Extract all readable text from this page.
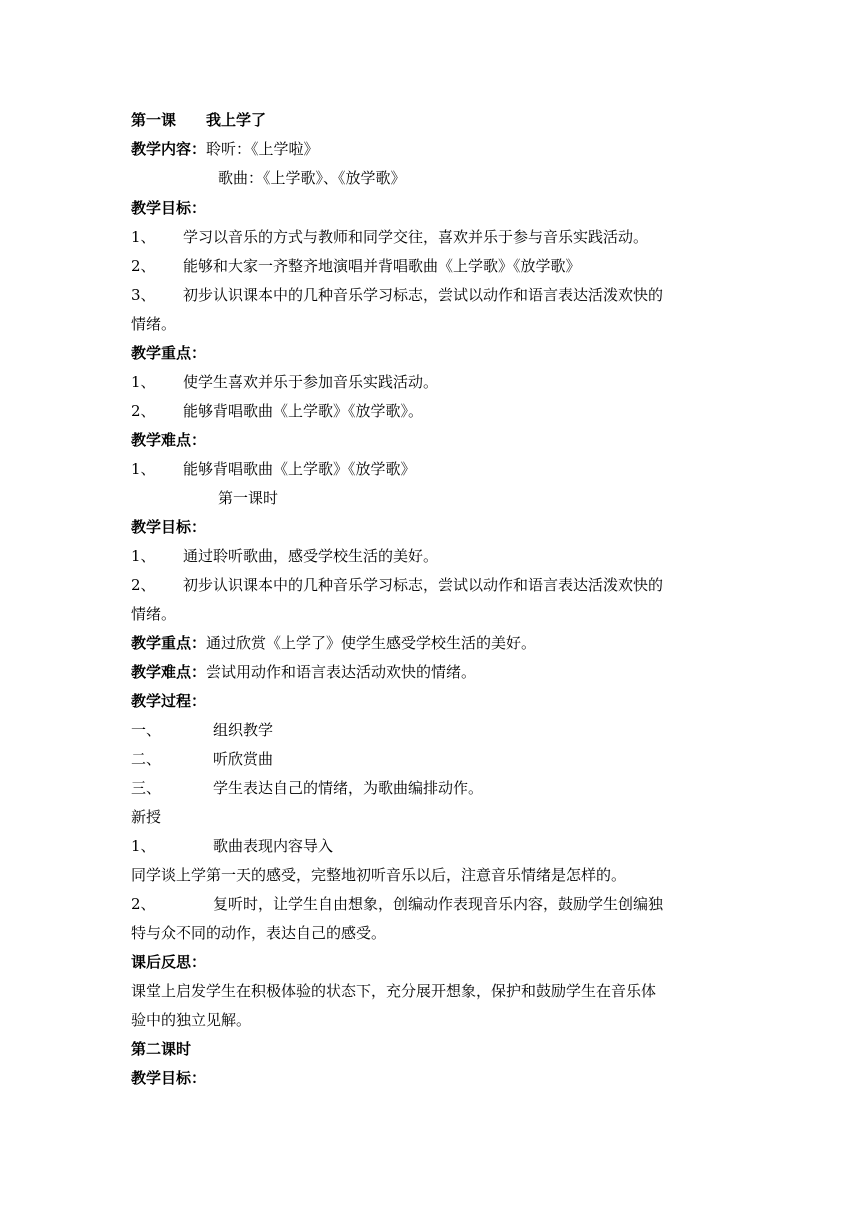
第一课 我上学了
教学内容：聆听：《上学啦》
歌曲：《上学歌》、《放学歌》
教学目标：
1、 学习以音乐的方式与教师和同学交往，喜欢并乐于参与音乐实践活动。
2、 能够和大家一齐整齐地演唱并背唱歌曲《上学歌》《放学歌》
3、 初步认识课本中的几种音乐学习标志，尝试以动作和语言表达活泼欢快的
情绪。
教学重点：
1、 使学生喜欢并乐于参加音乐实践活动。
2、 能够背唱歌曲《上学歌》《放学歌》。
教学难点：
1、 能够背唱歌曲《上学歌》《放学歌》
第一课时
教学目标：
1、 通过聆听歌曲，感受学校生活的美好。
2、 初步认识课本中的几种音乐学习标志，尝试以动作和语言表达活泼欢快的
情绪。
教学重点：通过欣赏《上学了》使学生感受学校生活的美好。
教学难点：尝试用动作和语言表达活动欢快的情绪。
教学过程：
一、	组织教学
二、	听欣赏曲
三、	学生表达自己的情绪，为歌曲编排动作。
新授
1、	歌曲表现内容导入
同学谈上学第一天的感受，完整地初听音乐以后，注意音乐情绪是怎样的。
2、	复听时，让学生自由想象，创编动作表现音乐内容，鼓励学生创编独
特与众不同的动作，表达自己的感受。
课后反思：
课堂上启发学生在积极体验的状态下，充分展开想象，保护和鼓励学生在音乐体
验中的独立见解。
第二课时
教学目标：
